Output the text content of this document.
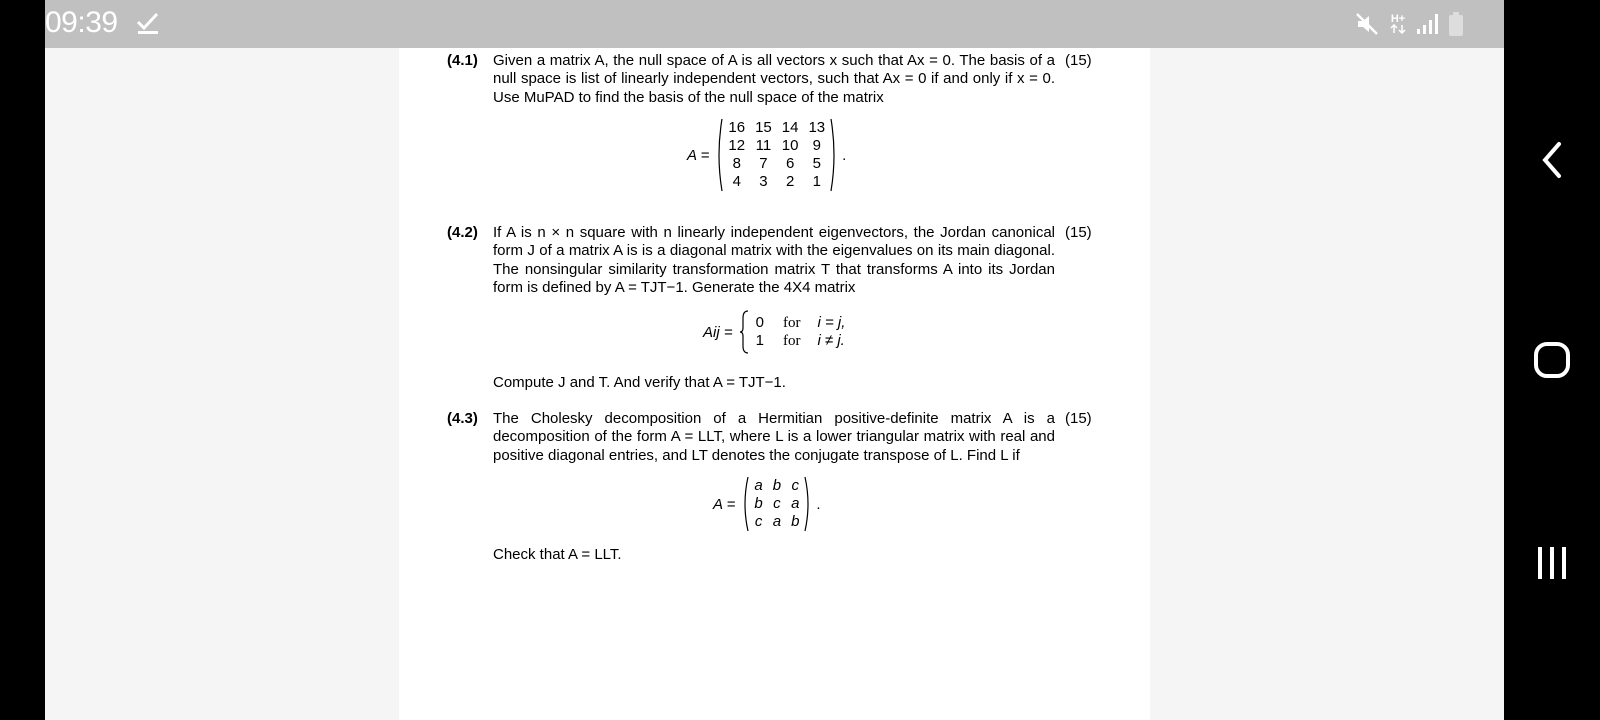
09:39	H+
(4.1)	(15)
Given a matrix A, the null space of A is all vectors x such that Ax = 0. The basis of a null space is list of linearly independent vectors, such that Ax = 0 if and only if x = 0. Use MuPAD to find the basis of the null space of the matrix
A =
16	15	14	13
12	11	10	9
8	7	6	5
4	3	2	1
.
(4.2)	(15)
If A is n × n square with n linearly independent eigenvectors, the Jordan canonical form J of a matrix A is is a diagonal matrix with the eigenvalues on its main diagonal. The nonsingular similarity transformation matrix T that transforms A into its Jordan form is defined by A = TJT−1. Generate the 4X4 matrix
Aij =
0	for	i = j,
1	for	i ≠ j.
Compute J and T. And verify that A = TJT−1.
(4.3)	(15)
The Cholesky decomposition of a Hermitian positive-definite matrix A is a decomposition of the form A = LLT, where L is a lower triangular matrix with real and positive diagonal entries, and LT denotes the conjugate transpose of L. Find L if
A =
a	b	c
b	c	a
c	a	b
.
Check that A = LLT.
